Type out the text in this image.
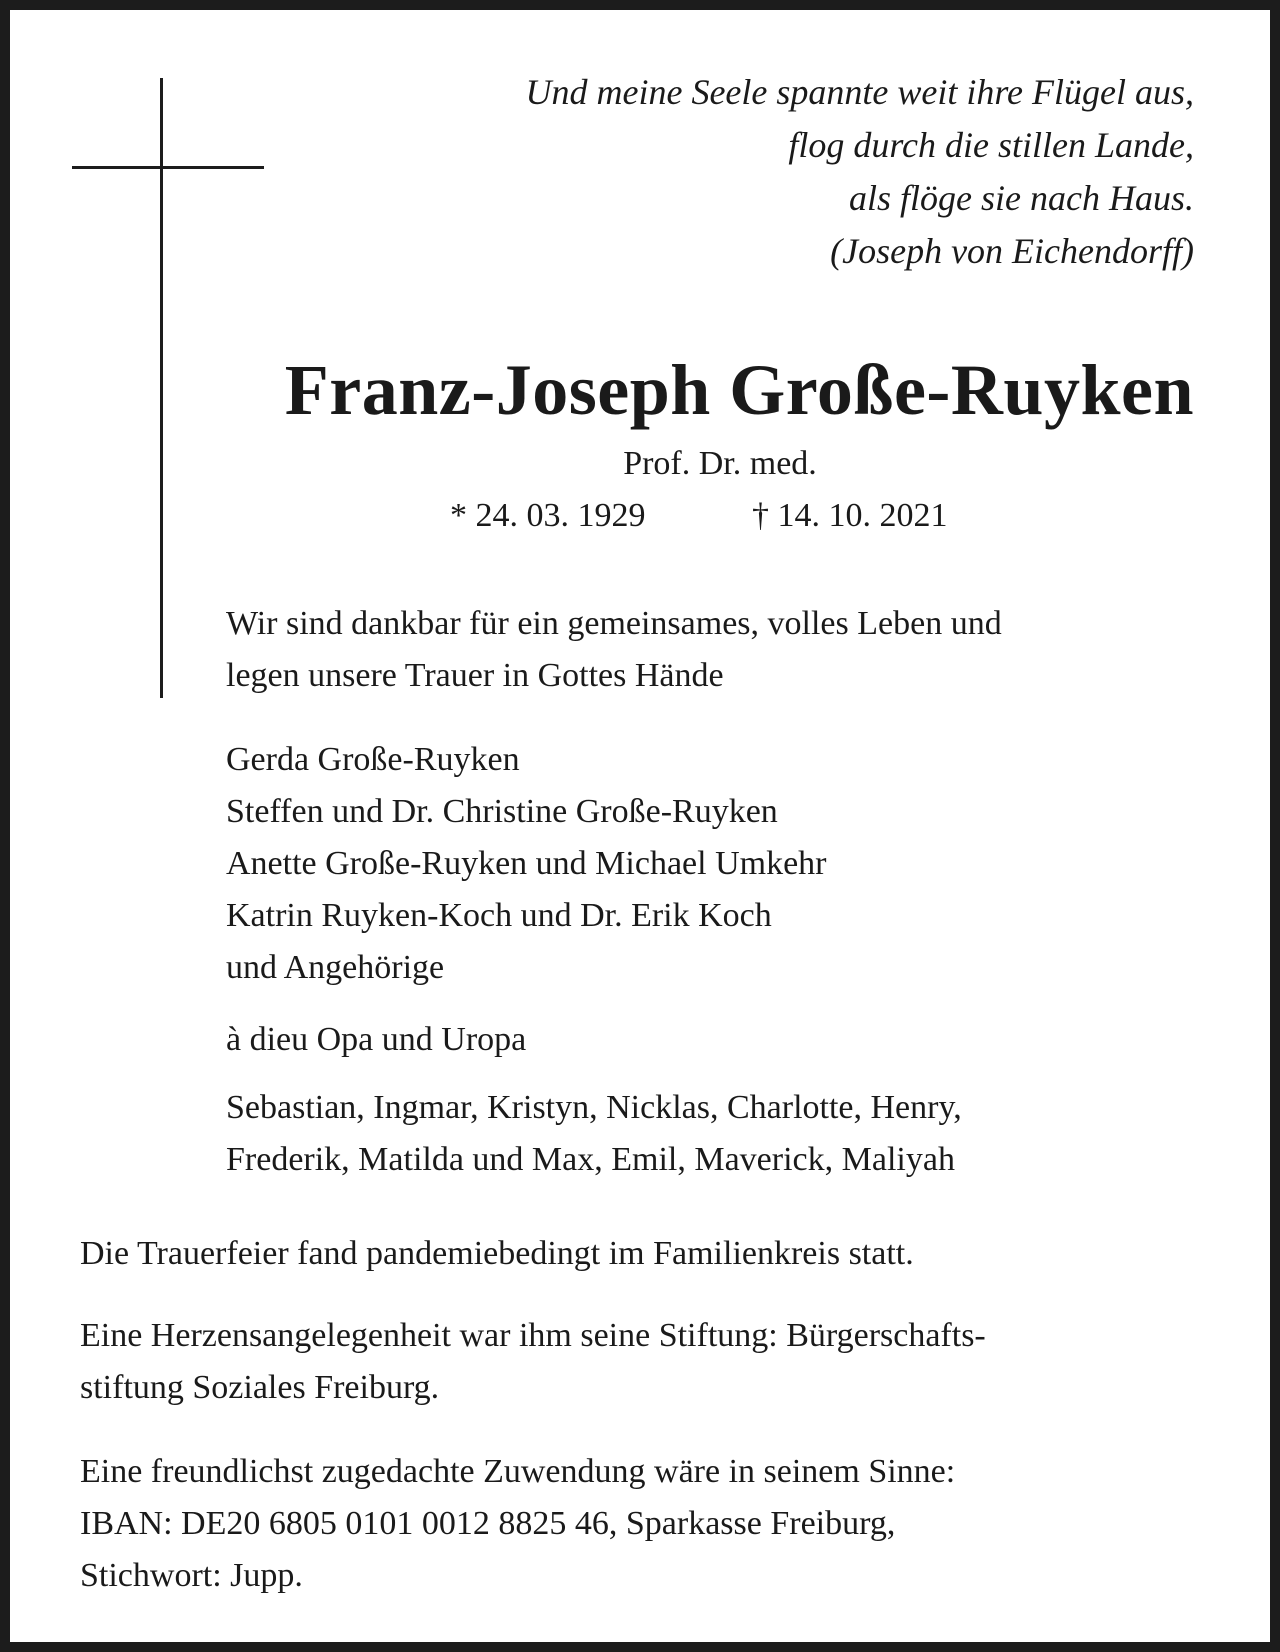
Und meine Seele spannte weit ihre Flügel aus,
flog durch die stillen Lande,
als flöge sie nach Haus.
(Joseph von Eichendorff)
Franz-Joseph Große-Ruyken
Prof. Dr. med.
* 24. 03. 1929	† 14. 10. 2021
Wir sind dankbar für ein gemeinsames, volles Leben und
legen unsere Trauer in Gottes Hände
Gerda Große-Ruyken
Steffen und Dr. Christine Große-Ruyken
Anette Große-Ruyken und Michael Umkehr
Katrin Ruyken-Koch und Dr. Erik Koch
und Angehörige
à dieu Opa und Uropa
Sebastian, Ingmar, Kristyn, Nicklas, Charlotte, Henry,
Frederik, Matilda und Max, Emil, Maverick, Maliyah
Die Trauerfeier fand pandemiebedingt im Familienkreis statt.
Eine Herzensangelegenheit war ihm seine Stiftung: Bürgerschafts-
stiftung Soziales Freiburg.
Eine freundlichst zugedachte Zuwendung wäre in seinem Sinne:
IBAN: DE20 6805 0101 0012 8825 46, Sparkasse Freiburg,
Stichwort: Jupp.
